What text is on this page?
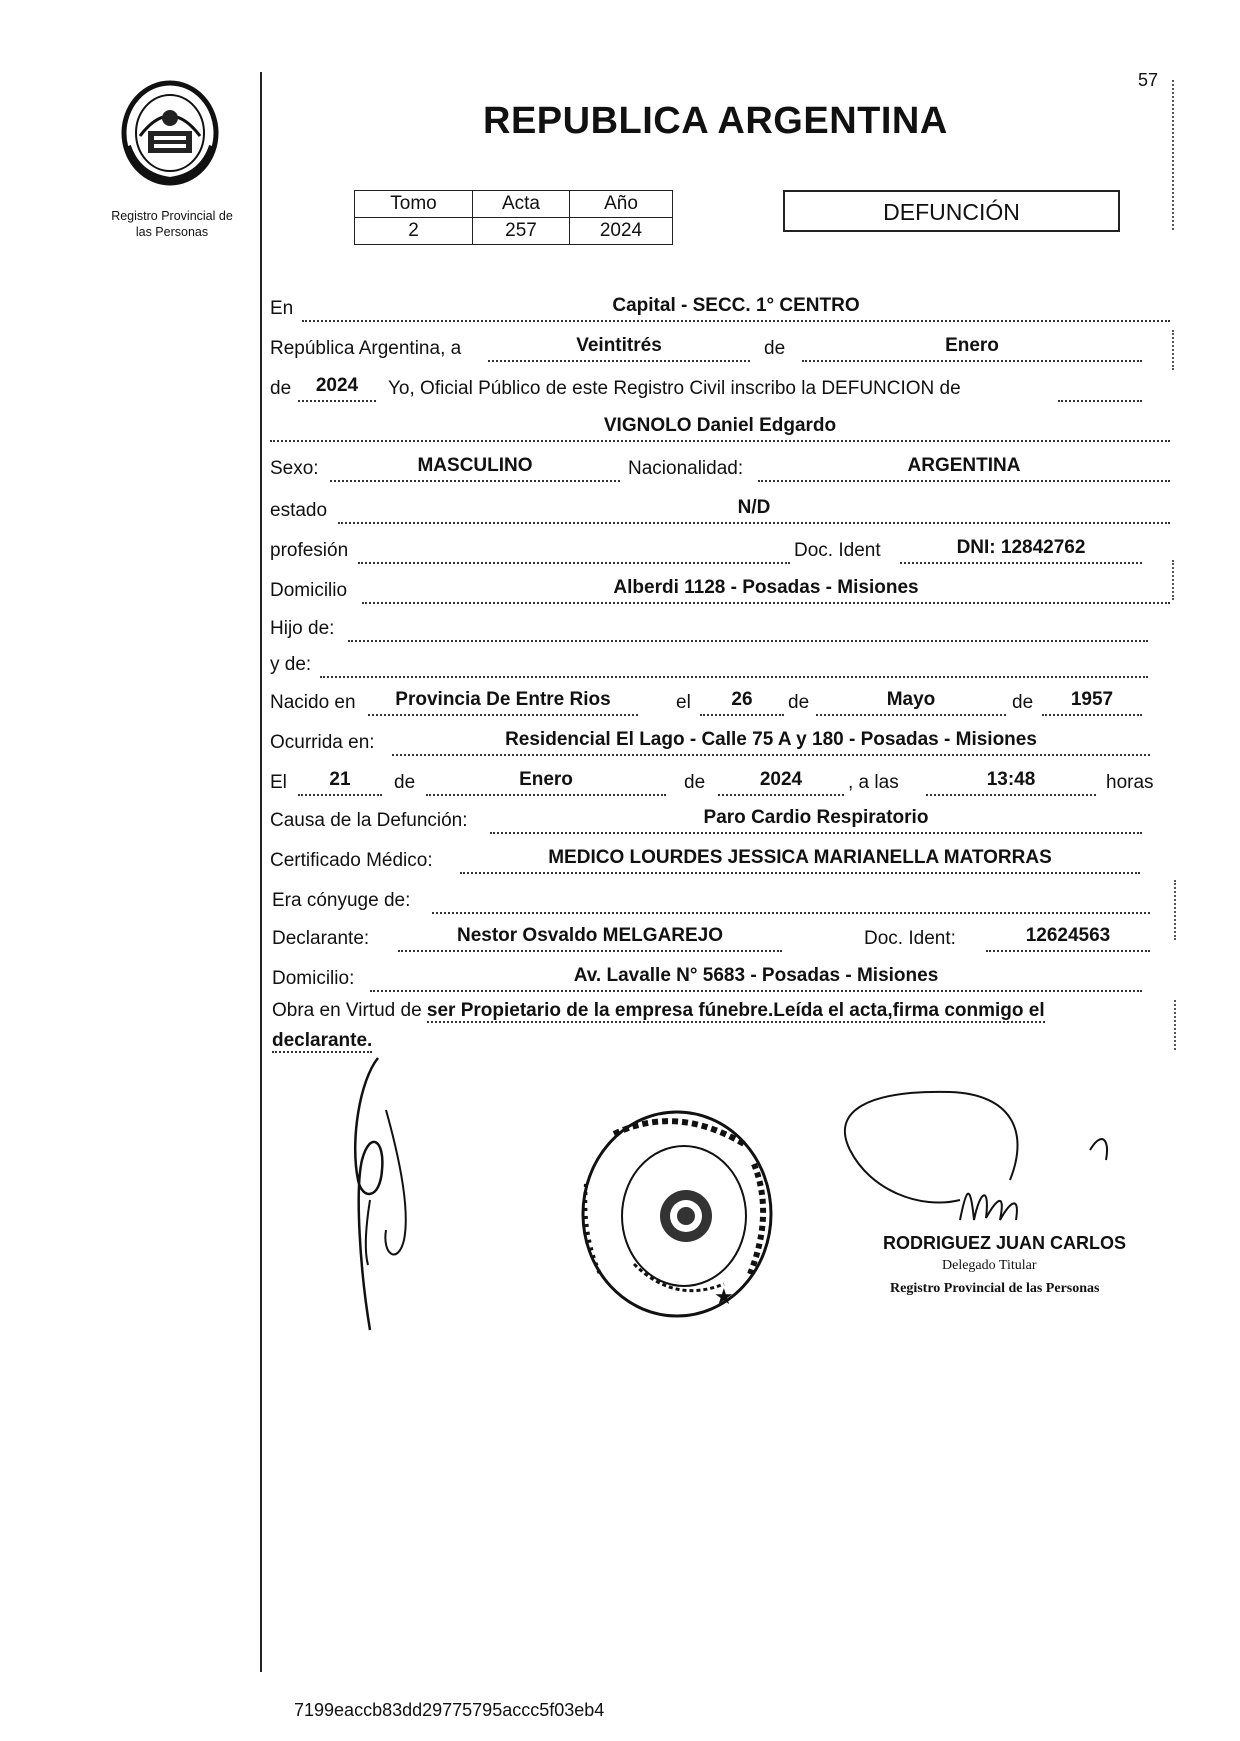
57
Registro Provincial de
las Personas
REPUBLICA ARGENTINA
Tomo	Acta	Año
2	257	2024
DEFUNCIÓN
En	Capital - SECC. 1° CENTRO
República Argentina, a	Veintitrés	de	Enero
de	2024	Yo, Oficial Público de este Registro Civil inscribo la DEFUNCION de
VIGNOLO Daniel Edgardo
Sexo:	MASCULINO	Nacionalidad:	ARGENTINA
estado	N/D
profesión	Doc. Ident	DNI: 12842762
Domicilio	Alberdi 1128 - Posadas - Misiones
Hijo de:
y de:
Nacido en	Provincia De Entre Rios	el	26	de	Mayo	de	1957
Ocurrida en:	Residencial El Lago - Calle 75 A y 180 - Posadas - Misiones
El	21	de	Enero	de	2024	, a las	13:48	horas
Causa de la Defunción:	Paro Cardio Respiratorio
Certificado Médico:	MEDICO LOURDES JESSICA MARIANELLA MATORRAS
Era cónyuge de:
Declarante:	Nestor Osvaldo MELGAREJO	Doc. Ident:	12624563
Domicilio:	Av. Lavalle N° 5683 - Posadas - Misiones
Obra en Virtud de ser Propietario de la empresa fúnebre.Leída el acta,firma conmigo el
declarante.
★
RODRIGUEZ JUAN CARLOS
Delegado Titular
Registro Provincial de las Personas
7199eaccb83dd29775795accc5f03eb4
